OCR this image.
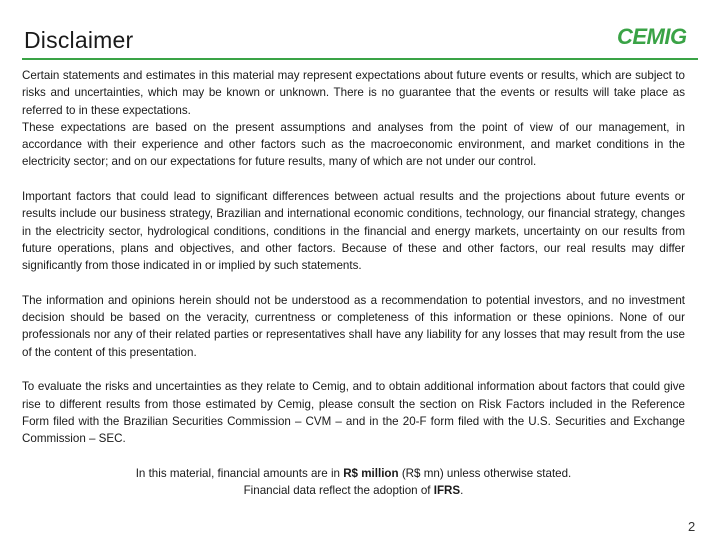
Disclaimer	CEMIG

Certain statements and estimates in this material may represent expectations about future events or results, which are subject to risks and uncertainties, which may be known or unknown. There is no guarantee that the events or results will take place as referred to in these expectations.

These expectations are based on the present assumptions and analyses from the point of view of our management, in accordance with their experience and other factors such as the macroeconomic environment, and market conditions in the electricity sector; and on our expectations for future results, many of which are not under our control.

Important factors that could lead to significant differences between actual results and the projections about future events or results include our business strategy, Brazilian and international economic conditions, technology, our financial strategy, changes in the electricity sector, hydrological conditions, conditions in the financial and energy markets, uncertainty on our results from future operations, plans and objectives, and other factors. Because of these and other factors, our real results may differ significantly from those indicated in or implied by such statements.

The information and opinions herein should not be understood as a recommendation to potential investors, and no investment decision should be based on the veracity, currentness or completeness of this information or these opinions. None of our professionals nor any of their related parties or representatives shall have any liability for any losses that may result from the use of the content of this presentation.

To evaluate the risks and uncertainties as they relate to Cemig, and to obtain additional information about factors that could give rise to different results from those estimated by Cemig, please consult the section on Risk Factors included in the Reference Form filed with the Brazilian Securities Commission – CVM – and in the 20-F form filed with the U.S. Securities and Exchange Commission – SEC.

In this material, financial amounts are in R$ million (R$ mn) unless otherwise stated.
Financial data reflect the adoption of IFRS.
2
